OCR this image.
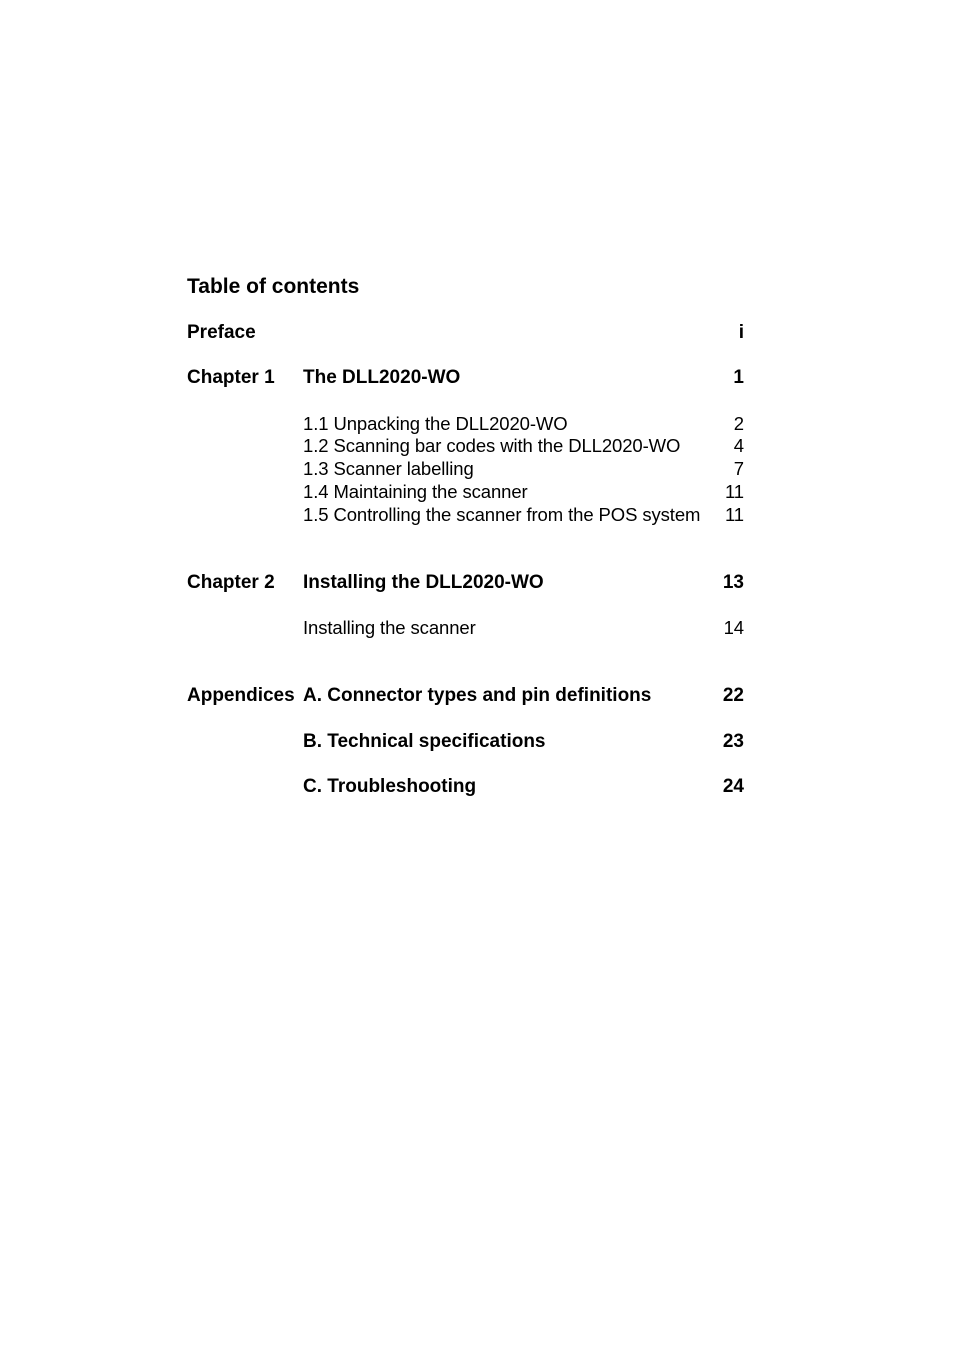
Table of contents
Preface	i
Chapter 1 The DLL2020-WO	1
1.1 Unpacking the DLL2020-WO	2
1.2 Scanning bar codes with the DLL2020-WO	4
1.3 Scanner labelling	7
1.4 Maintaining the scanner	11
1.5 Controlling the scanner from the POS system 11
Chapter 2 Installing the DLL2020-WO	13
Installing the scanner	14
Appendices A. Connector types and pin definitions	22
B. Technical specifications	23
C. Troubleshooting	24
